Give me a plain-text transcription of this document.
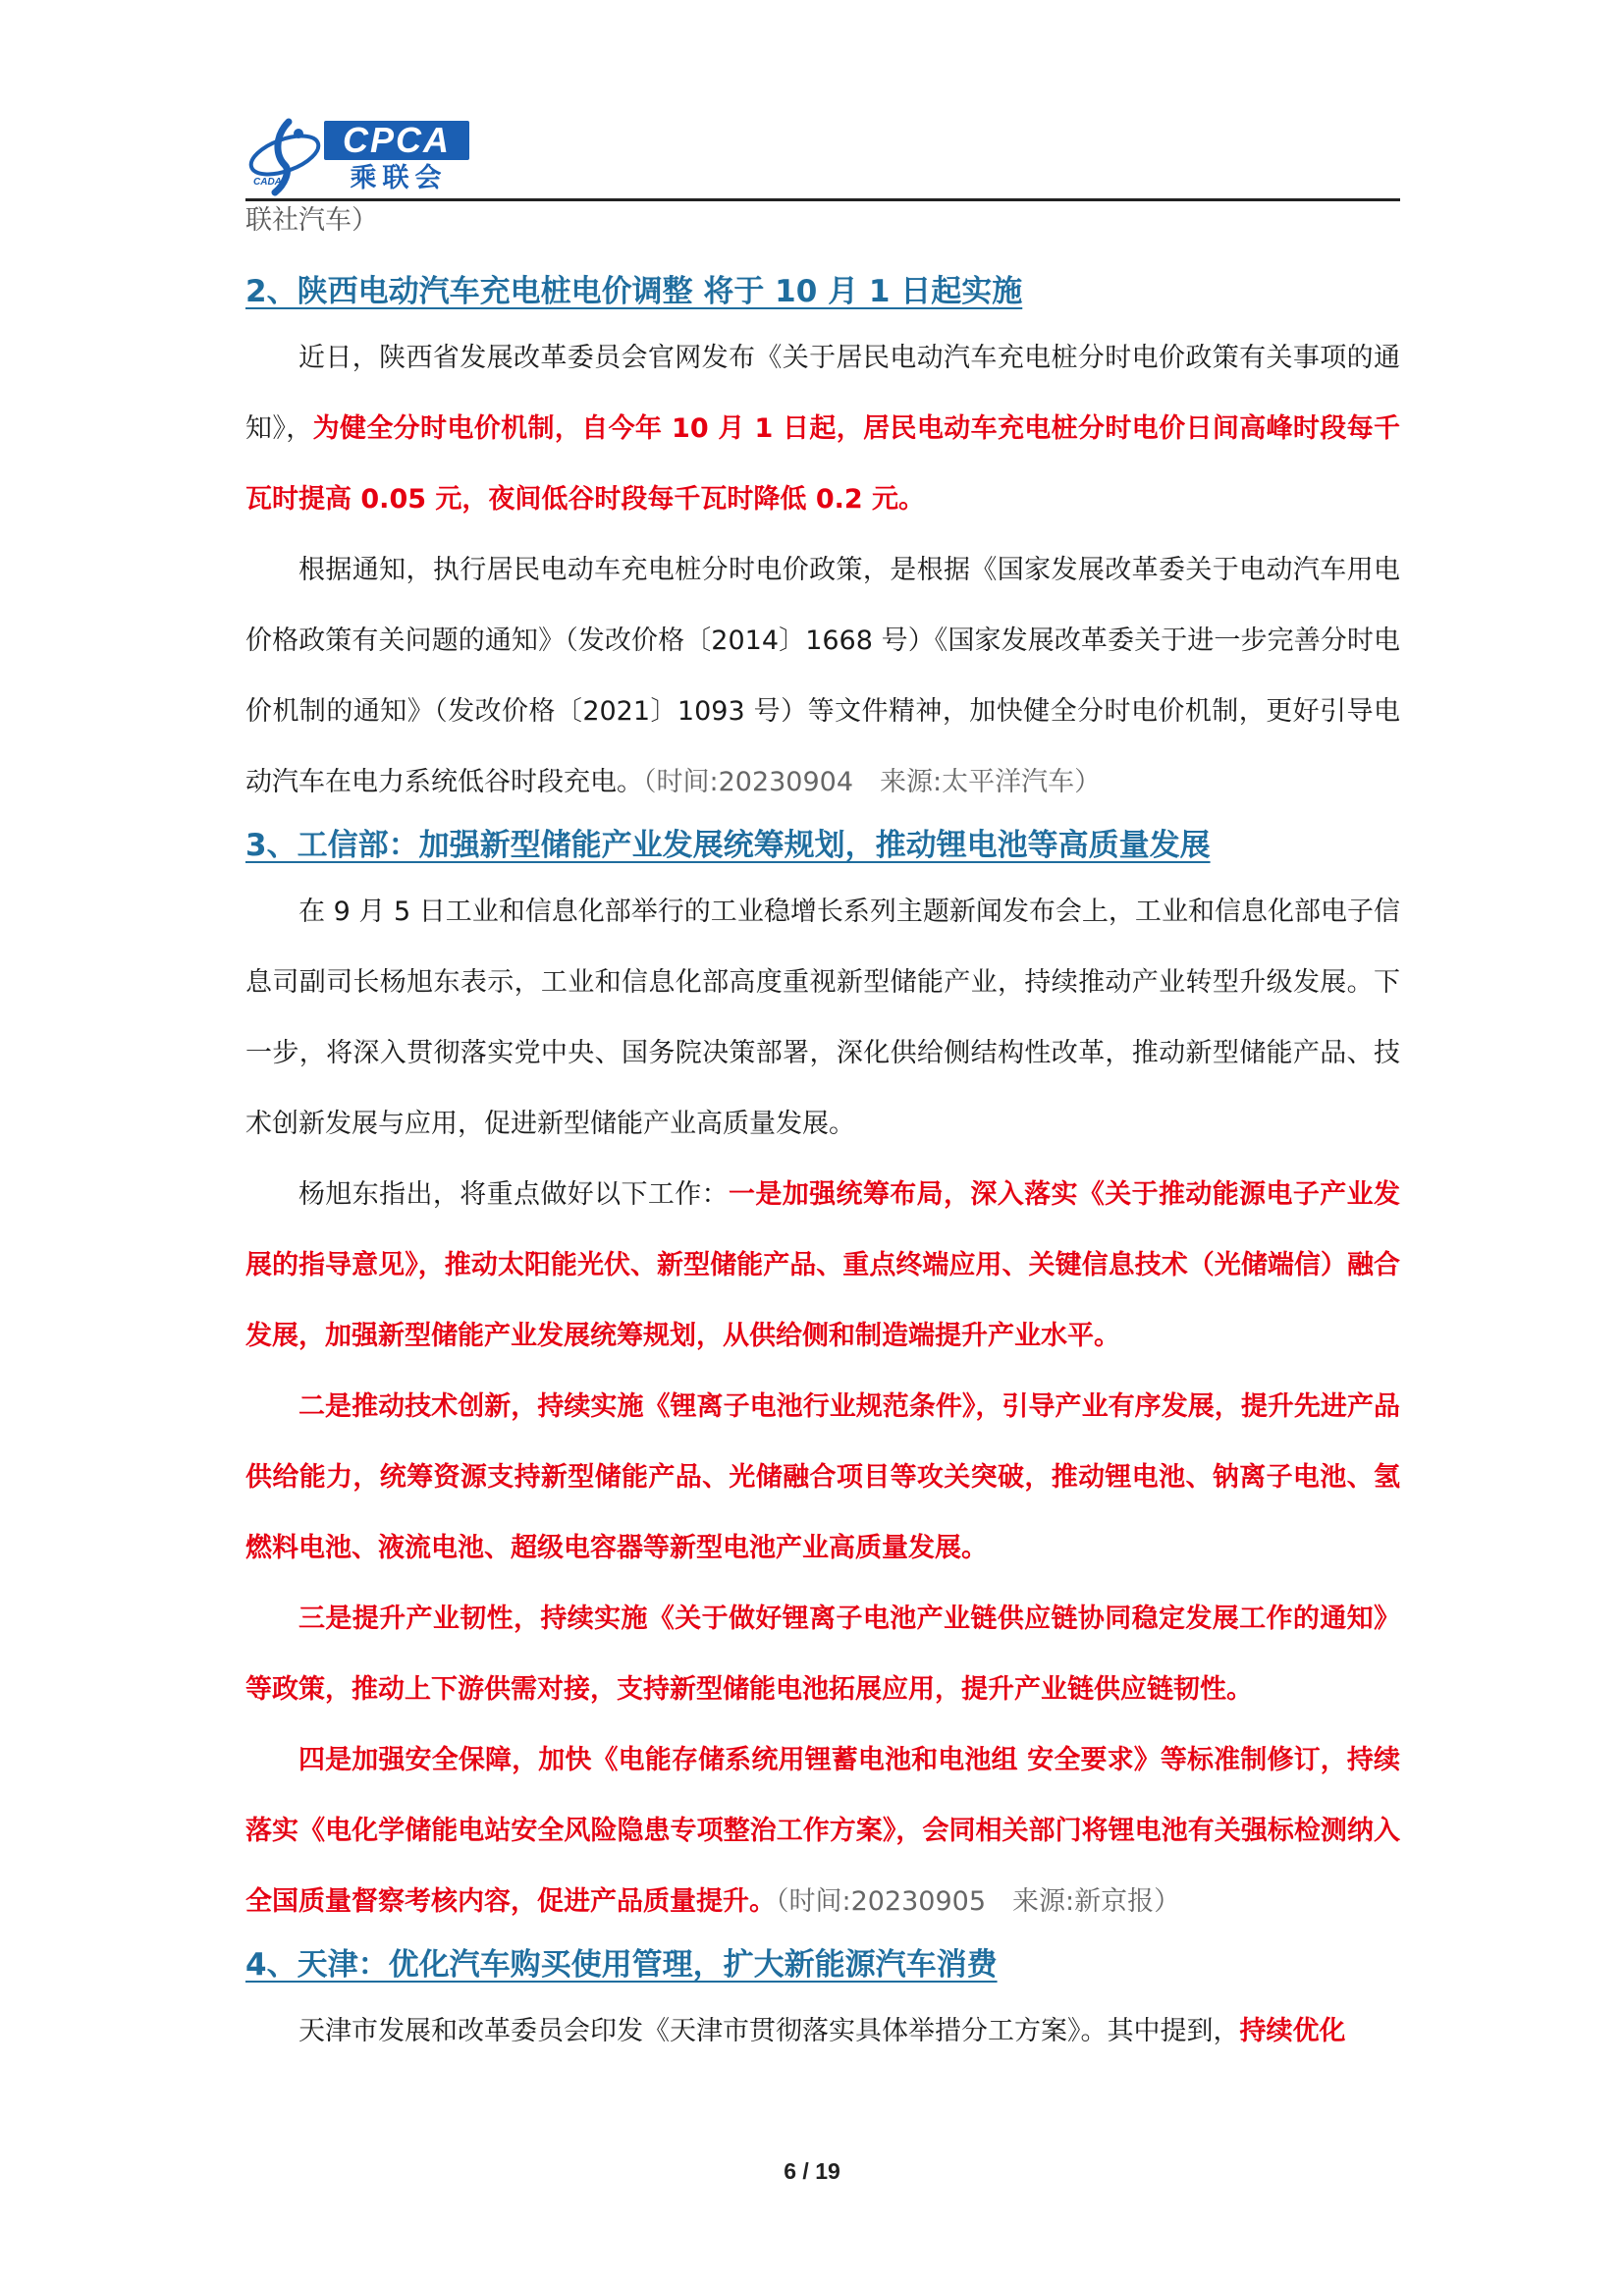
CADA
CPCA
乘联会

联社汽车）

2、陕西电动汽车充电桩电价调整 将于 10 月 1 日起实施

近日，陕西省发展改革委员会官网发布《关于居民电动汽车充电桩分时电价政策有关事项的通知》，为健全分时电价机制，自今年 10 月 1 日起，居民电动车充电桩分时电价日间高峰时段每千瓦时提高 0.05 元，夜间低谷时段每千瓦时降低 0.2 元。

根据通知，执行居民电动车充电桩分时电价政策，是根据《国家发展改革委关于电动汽车用电价格政策有关问题的通知》（发改价格〔2014〕1668 号）《国家发展改革委关于进一步完善分时电价机制的通知》（发改价格〔2021〕1093 号）等文件精神，加快健全分时电价机制，更好引导电动汽车在电力系统低谷时段充电。（时间:20230904　来源:太平洋汽车）

3、工信部：加强新型储能产业发展统筹规划，推动锂电池等高质量发展

在 9 月 5 日工业和信息化部举行的工业稳增长系列主题新闻发布会上，工业和信息化部电子信息司副司长杨旭东表示，工业和信息化部高度重视新型储能产业，持续推动产业转型升级发展。下一步，将深入贯彻落实党中央、国务院决策部署，深化供给侧结构性改革，推动新型储能产品、技术创新发展与应用，促进新型储能产业高质量发展。

杨旭东指出，将重点做好以下工作：一是加强统筹布局，深入落实《关于推动能源电子产业发展的指导意见》，推动太阳能光伏、新型储能产品、重点终端应用、关键信息技术（光储端信）融合发展，加强新型储能产业发展统筹规划，从供给侧和制造端提升产业水平。

二是推动技术创新，持续实施《锂离子电池行业规范条件》，引导产业有序发展，提升先进产品供给能力，统筹资源支持新型储能产品、光储融合项目等攻关突破，推动锂电池、钠离子电池、氢燃料电池、液流电池、超级电容器等新型电池产业高质量发展。

三是提升产业韧性，持续实施《关于做好锂离子电池产业链供应链协同稳定发展工作的通知》等政策，推动上下游供需对接，支持新型储能电池拓展应用，提升产业链供应链韧性。

四是加强安全保障，加快《电能存储系统用锂蓄电池和电池组 安全要求》等标准制修订，持续落实《电化学储能电站安全风险隐患专项整治工作方案》，会同相关部门将锂电池有关强标检测纳入全国质量督察考核内容，促进产品质量提升。（时间:20230905　来源:新京报）

4、天津：优化汽车购买使用管理，扩大新能源汽车消费

天津市发展和改革委员会印发《天津市贯彻落实具体举措分工方案》。其中提到，持续优化

6 / 19
